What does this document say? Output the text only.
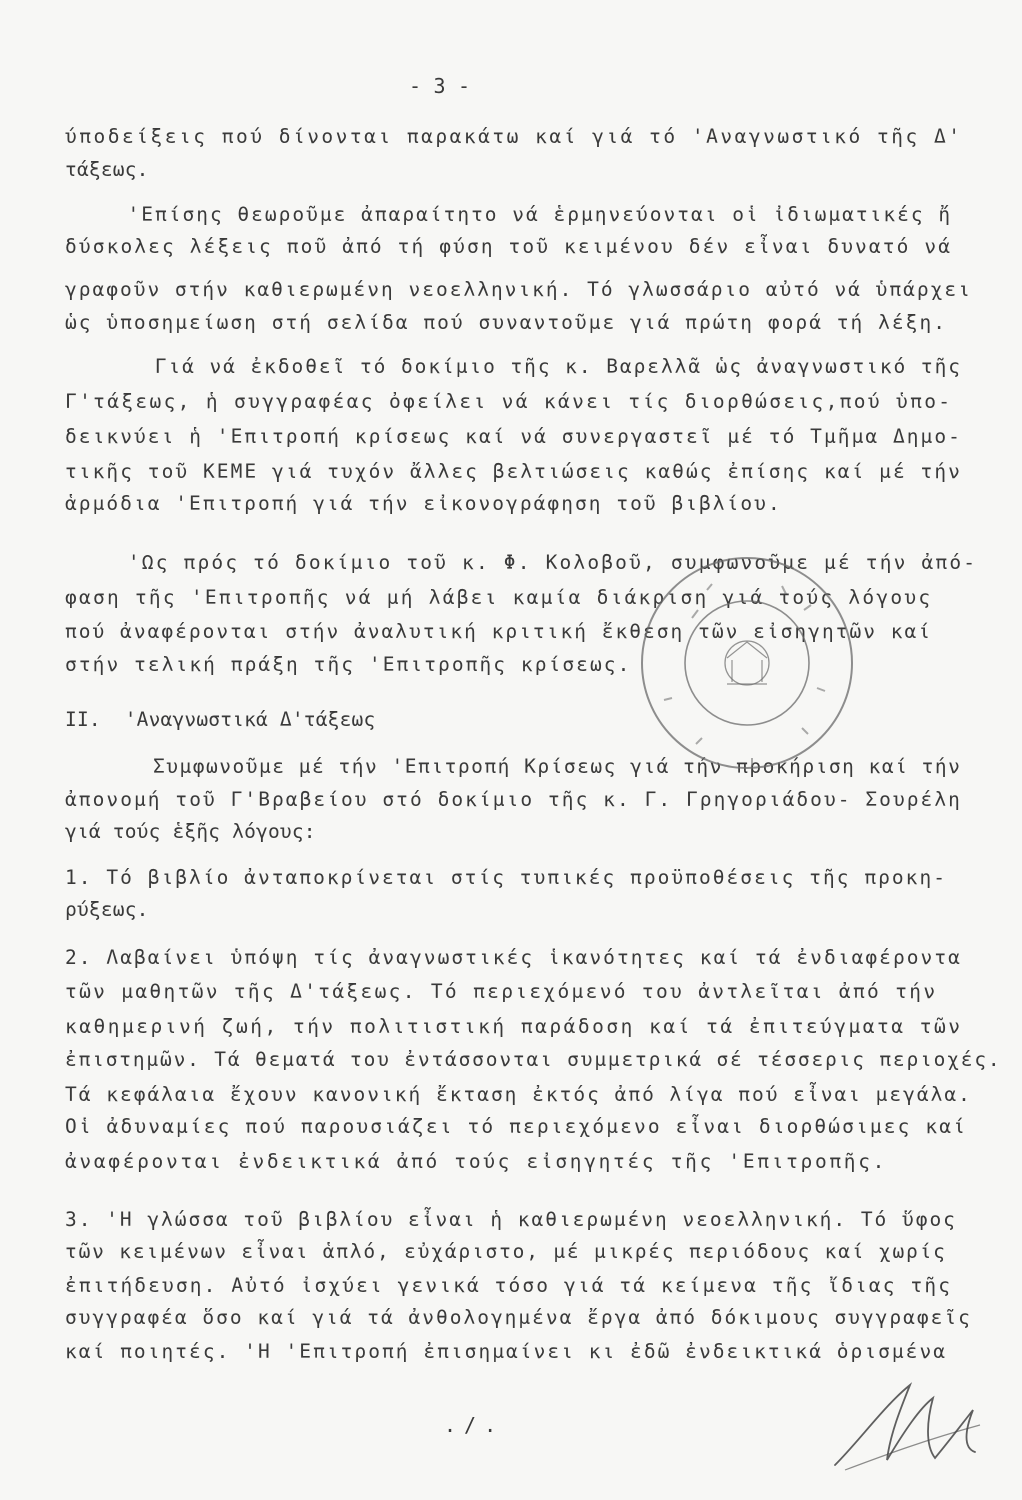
- 3 -
ύποδείξεις πού δίνονται παρακάτω καί γιά τό 'Αναγνωστικό τῆς Δ'
τάξεως.
'Επίσης θεωροῦμε ἀπαραίτητο νά ἑρμηνεύονται οἱ ἰδιωματικές ἤ
δύσκολες λέξεις ποῦ ἀπό τή φύση τοῦ κειμένου δέν εἶναι δυνατό νά
γραφοῦν στήν καθιερωμένη νεοελληνική. Τό γλωσσάριο αὐτό νά ὑπάρχει
ὡς ὑποσημείωση στή σελίδα πού συναντοῦμε γιά πρώτη φορά τή λέξη.
Γιά νά ἐκδοθεῖ τό δοκίμιο τῆς κ. Βαρελλᾶ ὡς ἀναγνωστικό τῆς
Γ'τάξεως, ἡ συγγραφέας ὀφείλει νά κάνει τίς διορθώσεις,πού ὑπο-
δεικνύει ἡ 'Επιτροπή κρίσεως καί νά συνεργαστεῖ μέ τό Τμῆμα Δημο-
τικῆς τοῦ ΚΕΜΕ γιά τυχόν ἄλλες βελτιώσεις καθώς ἐπίσης καί μέ τήν
ἁρμόδια 'Επιτροπή γιά τήν εἰκονογράφηση τοῦ βιβλίου.
'Ως πρός τό δοκίμιο τοῦ κ. Φ. Κολοβοῦ, συμφωνοῦμε μέ τήν ἀπό-
φαση τῆς 'Επιτροπῆς νά μή λάβει καμία διάκριση γιά τούς λόγους
πού ἀναφέρονται στήν ἀναλυτική κριτική ἔκθεση τῶν εἰσηγητῶν καί
στήν τελική πράξη τῆς 'Επιτροπῆς κρίσεως.
II.  'Αναγνωστικά Δ'τάξεως
Συμφωνοῦμε μέ τήν 'Επιτροπή Κρίσεως γιά τήν προκήριση καί τήν
ἀπονομή τοῦ Γ'Βραβείου στό δοκίμιο τῆς κ. Γ. Γρηγοριάδου- Σουρέλη
γιά τούς ἑξῆς λόγους:
1. Τό βιβλίο ἀνταποκρίνεται στίς τυπικές προϋποθέσεις τῆς προκη-
ρύξεως.
2. Λαβαίνει ὑπόψη τίς ἀναγνωστικές ἱκανότητες καί τά ἐνδιαφέροντα
τῶν μαθητῶν τῆς Δ'τάξεως. Τό περιεχόμενό του ἀντλεῖται ἀπό τήν
καθημερινή ζωή, τήν πολιτιστική παράδοση καί τά ἐπιτεύγματα τῶν
ἐπιστημῶν. Τά θεματά του ἐντάσσονται συμμετρικά σέ τέσσερις περιοχές.
Τά κεφάλαια ἔχουν κανονική ἔκταση ἐκτός ἀπό λίγα πού εἶναι μεγάλα.
Οἱ ἀδυναμίες πού παρουσιάζει τό περιεχόμενο εἶναι διορθώσιμες καί
ἀναφέρονται ἐνδεικτικά ἀπό τούς εἰσηγητές τῆς 'Επιτροπῆς.
3. 'Η γλώσσα τοῦ βιβλίου εἶναι ἡ καθιερωμένη νεοελληνική. Τό ὕφος
τῶν κειμένων εἶναι ἁπλό, εὐχάριστο, μέ μικρές περιόδους καί χωρίς
ἐπιτήδευση. Αὐτό ἰσχύει γενικά τόσο γιά τά κείμενα τῆς ἴδιας τῆς
συγγραφέα ὅσο καί γιά τά ἀνθολογημένα ἔργα ἀπό δόκιμους συγγραφεῖς
καί ποιητές. 'Η 'Επιτροπή ἐπισημαίνει κι ἐδῶ ἐνδεικτικά ὁρισμένα
./.
